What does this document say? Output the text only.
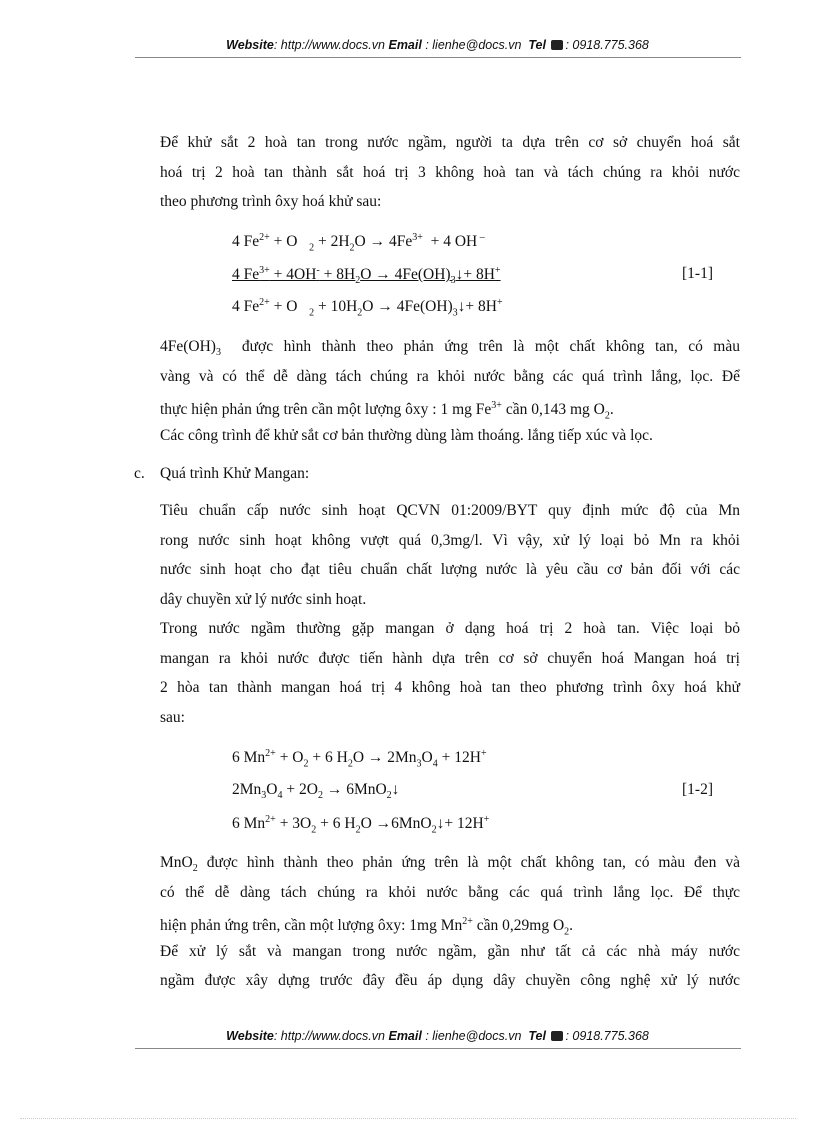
Website: http://www.docs.vn Email : lienhe@docs.vn Tel : 0918.775.368
Để khử sắt 2 hoà tan trong nước ngầm, người ta dựa trên cơ sở chuyển hoá sắt
hoá trị 2 hoà tan thành sắt hoá trị 3 không hoà tan và tách chúng ra khỏi nước
theo phương trình ôxy hoá khử sau:
4 $Fe^{2+} + O$   $_2 + 2H_2O \to 4Fe^{3+} + 4$ OH –
4 $Fe^{3+} + 4OH^- + 8H_2O$ → $4Fe(OH)_3↓+ 8H^+$
4 $Fe^{2+} + O$   $_2 + 10H_2O$ → $4Fe(OH)_3↓+ 8H^+$
[1-1]
$4Fe(OH)_3$ được hình thành theo phản ứng trên là một chất không tan, có màu
vàng và có thể dễ dàng tách chúng ra khỏi nước bằng các quá trình lắng, lọc. Để
thực hiện phản ứng trên cần một lượng ôxy : 1 mg $Fe^{3+}$ cần 0,143 mg $O_2$.
Các công trình để khử sắt cơ bản thường dùng làm thoáng. lắng tiếp xúc và lọc.
c. Quá trình Khử Mangan:
Tiêu chuẩn cấp nước sinh hoạt QCVN 01:2009/BYT quy định mức độ của Mn
rong nước sinh hoạt không vượt quá 0,3mg/l. Vì vậy, xử lý loại bỏ Mn ra khỏi
nước sinh hoạt cho đạt tiêu chuẩn chất lượng nước là yêu cầu cơ bản đối với các
dây chuyền xử lý nước sinh hoạt.
Trong nước ngầm thường gặp mangan ở dạng hoá trị 2 hoà tan. Việc loại bỏ
mangan ra khỏi nước được tiến hành dựa trên cơ sở chuyển hoá Mangan hoá trị
2 hòa tan thành mangan hoá trị 4 không hoà tan theo phương trình ôxy hoá khử
sau:
6 $Mn^{2+} + O_2 + 6$ $H_2O \to 2Mn_3O_4 + 12H^+$
$2Mn_3O_4 + 2O_2$ → 6MnO$_2$↓
6 $Mn^{2+} + 3O_2 + 6$ $H_2O$ →6MnO$_2$↓+ 12H+
[1-2]
MnO$_2$ được hình thành theo phản ứng trên là một chất không tan, có màu đen và
có thể dễ dàng tách chúng ra khỏi nước bằng các quá trình lắng lọc. Để thực
hiện phản ứng trên, cần một lượng ôxy: 1mg $Mn^{2+}$ cần 0,29mg $O_2$.
Để xử lý sắt và mangan trong nước ngầm, gần như tất cả các nhà máy nước
ngầm được xây dựng trước đây đều áp dụng dây chuyền công nghệ xử lý nước
Website: http://www.docs.vn Email : lienhe@docs.vn Tel : 0918.775.368
